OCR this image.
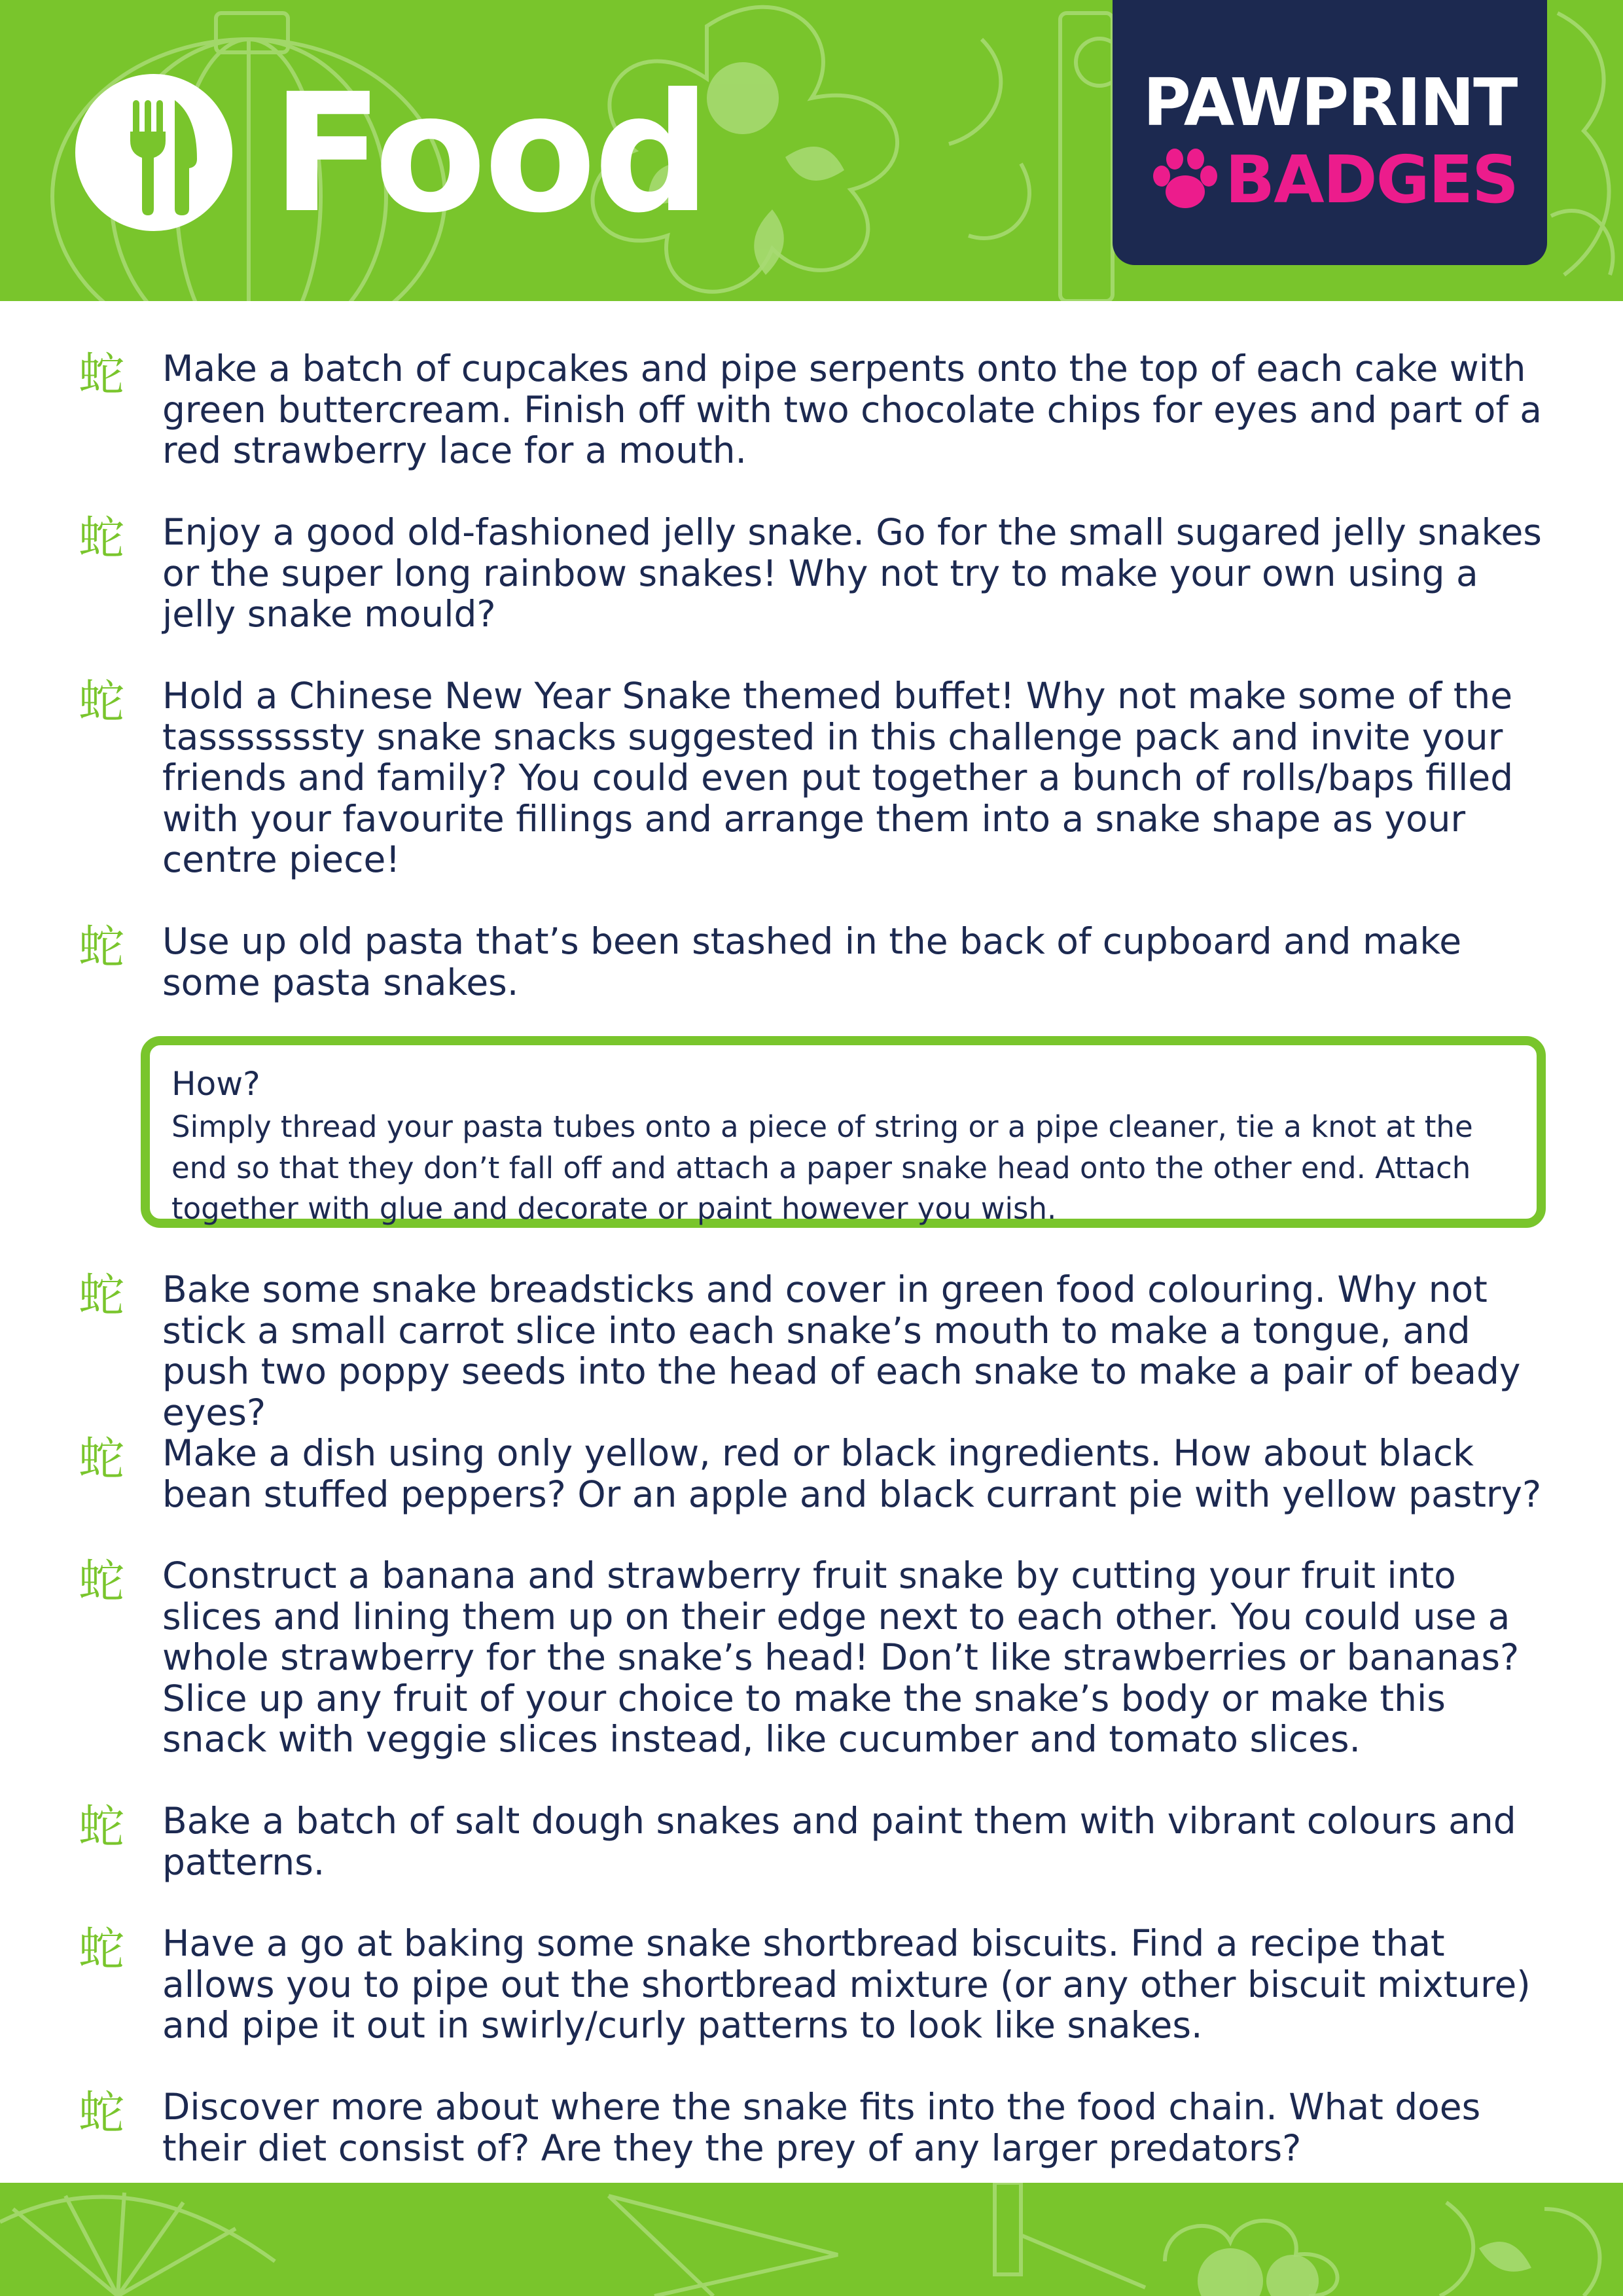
Food	PAWPRINT
BADGES
蛇	Make a batch of cupcakes and pipe serpents onto the top of each cake with green buttercream. Finish off with two chocolate chips for eyes and part of a red strawberry lace for a mouth.
蛇	Enjoy a good old-fashioned jelly snake. Go for the small sugared jelly snakes or the super long rainbow snakes! Why not try to make your own using a jelly snake mould?
蛇	Hold a Chinese New Year Snake themed buffet! Why not make some of the tasssssssty snake snacks suggested in this challenge pack and invite your friends and family? You could even put together a bunch of rolls/baps filled with your favourite fillings and arrange them into a snake shape as your centre piece!
蛇	Use up old pasta that’s been stashed in the back of cupboard and make some pasta snakes.
How?
Simply thread your pasta tubes onto a piece of string or a pipe cleaner, tie a knot at the end so that they don’t fall off and attach a paper snake head onto the other end. Attach together with glue and decorate or paint however you wish.
蛇	Bake some snake breadsticks and cover in green food colouring. Why not stick a small carrot slice into each snake’s mouth to make a tongue, and push two poppy seeds into the head of each snake to make a pair of beady eyes?
蛇	Make a dish using only yellow, red or black ingredients. How about black bean stuffed peppers? Or an apple and black currant pie with yellow pastry?
蛇	Construct a banana and strawberry fruit snake by cutting your fruit into slices and lining them up on their edge next to each other. You could use a whole strawberry for the snake’s head! Don’t like strawberries or bananas? Slice up any fruit of your choice to make the snake’s body or make this snack with veggie slices instead, like cucumber and tomato slices.
蛇	Bake a batch of salt dough snakes and paint them with vibrant colours and patterns.
蛇	Have a go at baking some snake shortbread biscuits. Find a recipe that allows you to pipe out the shortbread mixture (or any other biscuit mixture) and pipe it out in swirly/curly patterns to look like snakes.
蛇	Discover more about where the snake fits into the food chain. What does their diet consist of? Are they the prey of any larger predators?
